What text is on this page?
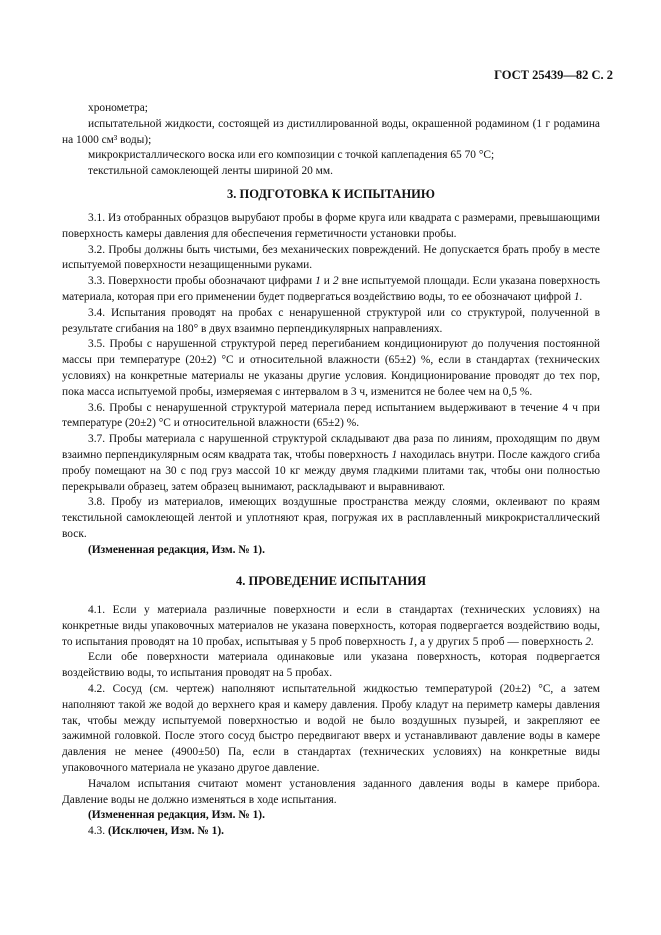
ГОСТ 25439—82 С. 2

хронометра;

испытательной жидкости, состоящей из дистиллированной воды, окрашенной родамином (1 г родамина на 1000 см³ воды);

микрокристаллического воска или его композиции с точкой каплепадения 65 70 °С;

текстильной самоклеющей ленты шириной 20 мм.

3. ПОДГОТОВКА К ИСПЫТАНИЮ

3.1. Из отобранных образцов вырубают пробы в форме круга или квадрата с размерами, превышающими поверхность камеры давления для обеспечения герметичности установки пробы.

3.2. Пробы должны быть чистыми, без механических повреждений. Не допускается брать пробу в месте испытуемой поверхности незащищенными руками.

3.3. Поверхности пробы обозначают цифрами 1 и 2 вне испытуемой площади. Если указана поверхность материала, которая при его применении будет подвергаться воздействию воды, то ее обозначают цифрой 1.

3.4. Испытания проводят на пробах с ненарушенной структурой или со структурой, полученной в результате сгибания на 180° в двух взаимно перпендикулярных направлениях.

3.5. Пробы с нарушенной структурой перед перегибанием кондиционируют до получения постоянной массы при температуре (20±2) °С и относительной влажности (65±2) %, если в стандартах (технических условиях) на конкретные материалы не указаны другие условия. Кондиционирование проводят до тех пор, пока масса испытуемой пробы, измеряемая с интервалом в 3 ч, изменится не более чем на 0,5 %.

3.6. Пробы с ненарушенной структурой материала перед испытанием выдерживают в течение 4 ч при температуре (20±2) °С и относительной влажности (65±2) %.

3.7. Пробы материала с нарушенной структурой складывают два раза по линиям, проходящим по двум взаимно перпендикулярным осям квадрата так, чтобы поверхность 1 находилась внутри. После каждого сгиба пробу помещают на 30 с под груз массой 10 кг между двумя гладкими плитами так, чтобы они полностью перекрывали образец, затем образец вынимают, раскладывают и выравнивают.

3.8. Пробу из материалов, имеющих воздушные пространства между слоями, оклеивают по краям текстильной самоклеющей лентой и уплотняют края, погружая их в расплавленный микрокристаллический воск.

(Измененная редакция, Изм. № 1).

4. ПРОВЕДЕНИЕ ИСПЫТАНИЯ

4.1. Если у материала различные поверхности и если в стандартах (технических условиях) на конкретные виды упаковочных материалов не указана поверхность, которая подвергается воздействию воды, то испытания проводят на 10 пробах, испытывая у 5 проб поверхность 1, а у других 5 проб — поверхность 2.

Если обе поверхности материала одинаковые или указана поверхность, которая подвергается воздействию воды, то испытания проводят на 5 пробах.

4.2. Сосуд (см. чертеж) наполняют испытательной жидкостью температурой (20±2) °С, а затем наполняют такой же водой до верхнего края и камеру давления. Пробу кладут на периметр камеры давления так, чтобы между испытуемой поверхностью и водой не было воздушных пузырей, и закрепляют ее зажимной головкой. После этого сосуд быстро передвигают вверх и устанавливают давление воды в камере давления не менее (4900±50) Па, если в стандартах (технических условиях) на конкретные виды упаковочного материала не указано другое давление.

Началом испытания считают момент установления заданного давления воды в камере прибора. Давление воды не должно изменяться в ходе испытания.

(Измененная редакция, Изм. № 1).

4.3. (Исключен, Изм. № 1).
